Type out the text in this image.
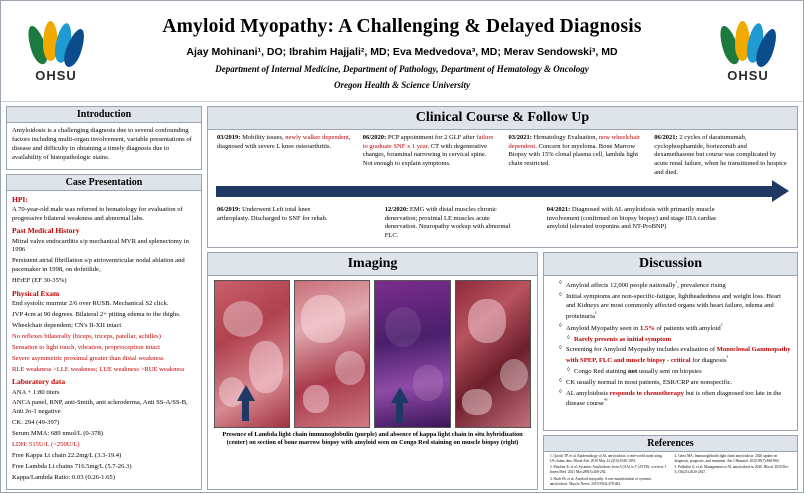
OHSU	OHSU
Amyloid Myopathy: A Challenging & Delayed Diagnosis
Ajay Mohinani¹, DO; Ibrahim Hajjali², MD; Eva Medvedova³, MD; Merav Sendowski³, MD
Department of Internal Medicine, Department of Pathology, Department of Hematology & Oncology
Oregon Health & Science University
Introduction

Amyloidosis is a challenging diagnosis due to several confounding factors including multi-organ involvement, variable presentations of disease and difficulty in obtaining a timely diagnosis due to availability of histopathologic stains.

Case Presentation
HPI:

A 70-year-old male was referred to hematology for evaluation of progressive bilateral weakness and abnormal labs.

Past Medical History

Mitral valve endocarditis s/p mechanical MVR and splenectomy in 1996

Persistent atrial fibrillation s/p atrioventricular nodal ablation and pacemaker in 1998, on dofetilide,

HFrEF (EF 30-35%)

Physical Exam

End systolic murmur 2/6 over RUSB. Mechanical S2 click.

JVP 4cm at 90 degrees. Bilateral 2+ pitting edema to the thighs.

Wheelchair dependent; CN's II-XII intact

No reflexes bilaterally (biceps, triceps, patellar, achilles)

Sensation to light touch, vibration, proprioception intact

Severe asymmetric proximal greater than distal weakness

RLE weakness >LLE weakness; LUE weakness >RUE weakness

Laboratory data

ANA + 1:80 titers

ANCA panel, RNP, anti-Smith, anti scleroderma, Anti SS-A/SS-B, Anti Jo-1 negative

CK: 294 (49-397)

Serum MMA: 689 nmol/L (0-378)

LDH: 515U/L (<250U/L)

Free Kappa Lt chain 22.2mg/L (3.3-19.4)

Free Lambda Lt chains 716.5mg/L (5.7-26.3)

Kappa/Lambda Ratio: 0.03 (0.26-1.65)

Clinical Course & Follow Up
03/2019: Mobility issues, newly walker dependent, diagnosed with severe L knee osteoarthritis.
06/2020: PCP appointment for 2 GLF after failure to graduate SNF x 1 year. CT with degenerative changes, foraminal narrowing in cervical spine. Not enough to explain symptoms.
03/2021: Hematology Evaluation, now wheelchair dependent. Concern for myeloma. Bone Marrow Biopsy with 15% clonal plasma cell, lambda light chain restricted.
06/2021: 2 cycles of daratumumab, cyclophosphamide, bortezomib and dexamethasone but course was complicated by acute renal failure, when he transitioned to hospice and died.
06/2019: Underwent Left total knee arthroplasty. Discharged to SNF for rehab.
12/2020: EMG with distal muscles chronic denervation; proximal LE muscles acute denervation. Neuropathy workup with abnormal FLC.
04/2021: Diagnosed with AL amyloidosis with primarily muscle involvement (confirmed on biopsy biopsy) and stage IIIA cardiac amyloid (elevated troponins and NT-ProBNP)
Imaging
Presence of Lambda light chain immunoglobulin (purple) and absence of kappa light chain in situ hybridization (center) on section of bone marrow biopsy with amyloid seen on Congo Red staining on muscle biopsy (right)
Discussion
◊ Amyloid affects 12,000 people nationally$^{^1}$, prevalence rising
◊ Initial symptoms are non-specific-fatigue, lightheadedness and weight loss. Heart and Kidneys are most commonly affected organs with heart failure, edema and proteinuria$^{^2}$
◊ Amyloid Myopathy seen in 1.5% of patients with amyloid$^{^3}$
◊ Rarely presents as initial symptom
◊ Screening for Amyloid Myopathy includes evaluation of Monoclonal Gammopathy with SPEP, FLC and muscle biopsy - critical for diagnosis$^{^3}$
◊ Congo Red staining not usually sent on biopsies
◊ CK usually normal in most patients, ESR/CRP are nonspecific.
◊ AL amyloidosis responds to chemotherapy but is often diagnosed too late in the disease course$^{^{45}}$
References

1. Quock TP, et al. Epidemiology of AL amyloidosis: a real-world study using US claims data. Blood Adv. 2018 May 22;2(10):1046-1053.

2. Muchtar E, et al. Systemic Amyloidosis from A (AA) to T (ATTR): a review. J Intern Med. 2021 Mar;289(3):268-292.

3. Shah SS, et al. Amyloid myopathy: A rare manifestation of systemic amyloidosis. Muscle Nerve. 2019;59(4):478-482.

4. Gertz MA. Immunoglobulin light chain amyloidosis: 2020 update on diagnosis, prognosis, and treatment. Am J Hematol. 2020;95(7):848-860.

5. Palladini G, et al. Management of AL amyloidosis in 2020. Blood. 2020 Dec 3;136(23):2620-2627.
